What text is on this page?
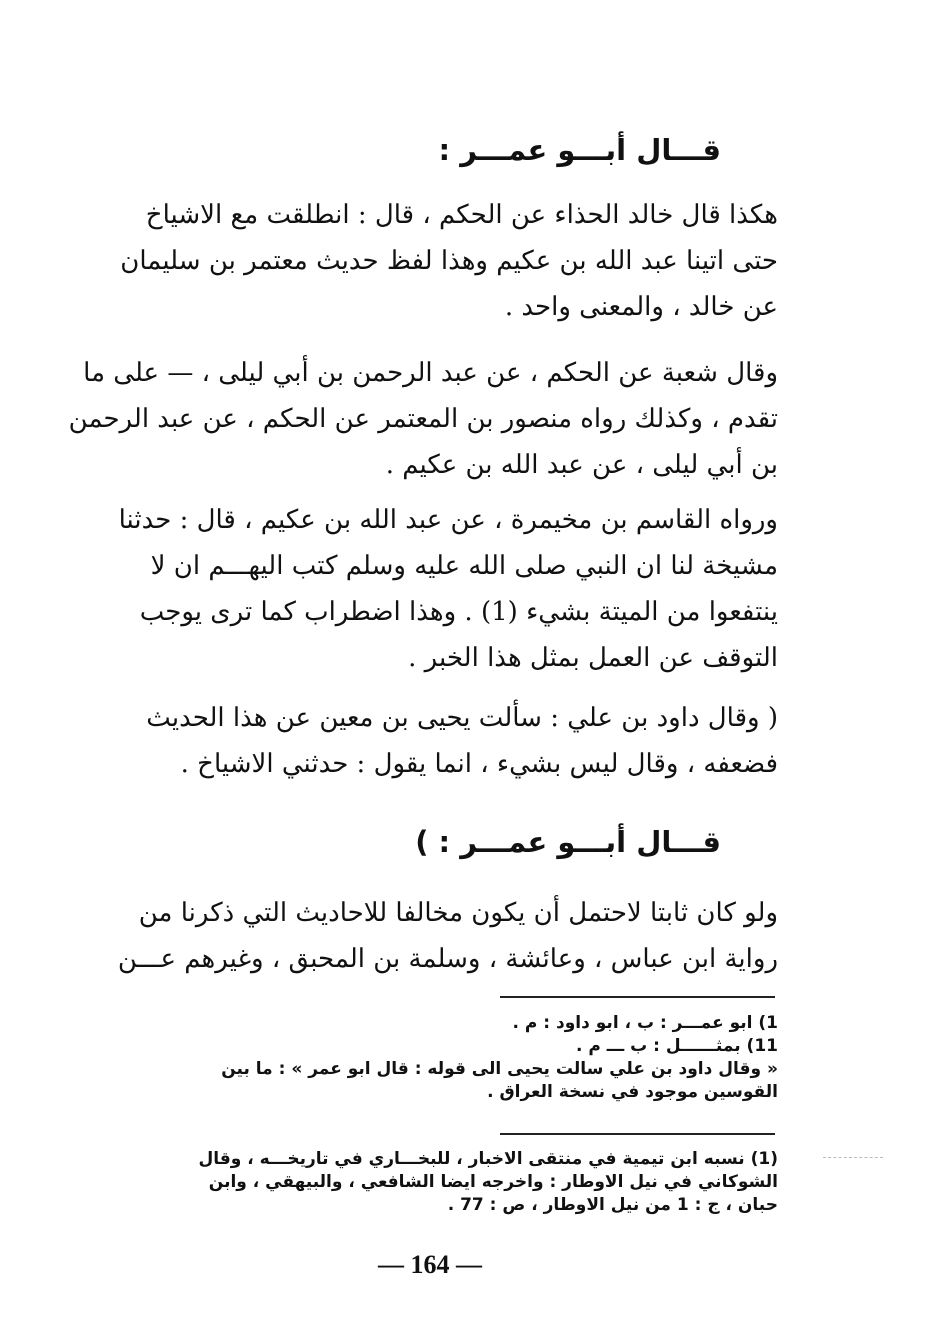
قـــال أبـــو عمـــر :
هكذا قال خالد الحذاء عن الحكم ، قال : انطلقت مع الاشياخ
حتى اتينا عبد الله بن عكيم وهذا لفظ حديث معتمر بن سليمان
عن خالد ، والمعنى واحد .
وقال شعبة عن الحكم ، عن عبد الرحمن بن أبي ليلى ، — على ما
تقدم ، وكذلك رواه منصور بن المعتمر عن الحكم ، عن عبد الرحمن
بن أبي ليلى ، عن عبد الله بن عكيم .
ورواه القاسم بن مخيمرة ، عن عبد الله بن عكيم ، قال : حدثنا
مشيخة لنا ان النبي صلى الله عليه وسلم كتب اليهـــم ان لا
ينتفعوا من الميتة بشيء (1) . وهذا اضطراب كما ترى يوجب
التوقف عن العمل بمثل هذا الخبر .
( وقال داود بن علي : سألت يحيى بن معين عن هذا الحديث
فضعفه ، وقال ليس بشيء ، انما يقول : حدثني الاشياخ .
قـــال أبـــو عمـــر : )
ولو كان ثابتا لاحتمل أن يكون مخالفا للاحاديث التي ذكرنا من
رواية ابن عباس ، وعائشة ، وسلمة بن المحبق ، وغيرهم عـــن
1) ابو عمـــر : ب ، ابو داود : م .
11) بمثــــــل : ب ـــ م .
« وقال داود بن علي سالت يحيى الى قوله : قال ابو عمر » : ما بين
القوسين موجود في نسخة العراق .
(1) نسبه ابن تيمية في منتقى الاخبار ، للبخـــاري في تاريخـــه ، وقال
الشوكاني في نيل الاوطار : واخرجه ايضا الشافعي ، والبيهقي ، وابن
حبان ، ج : 1 من نيل الاوطار ، ص : 77 .
— 164 —
